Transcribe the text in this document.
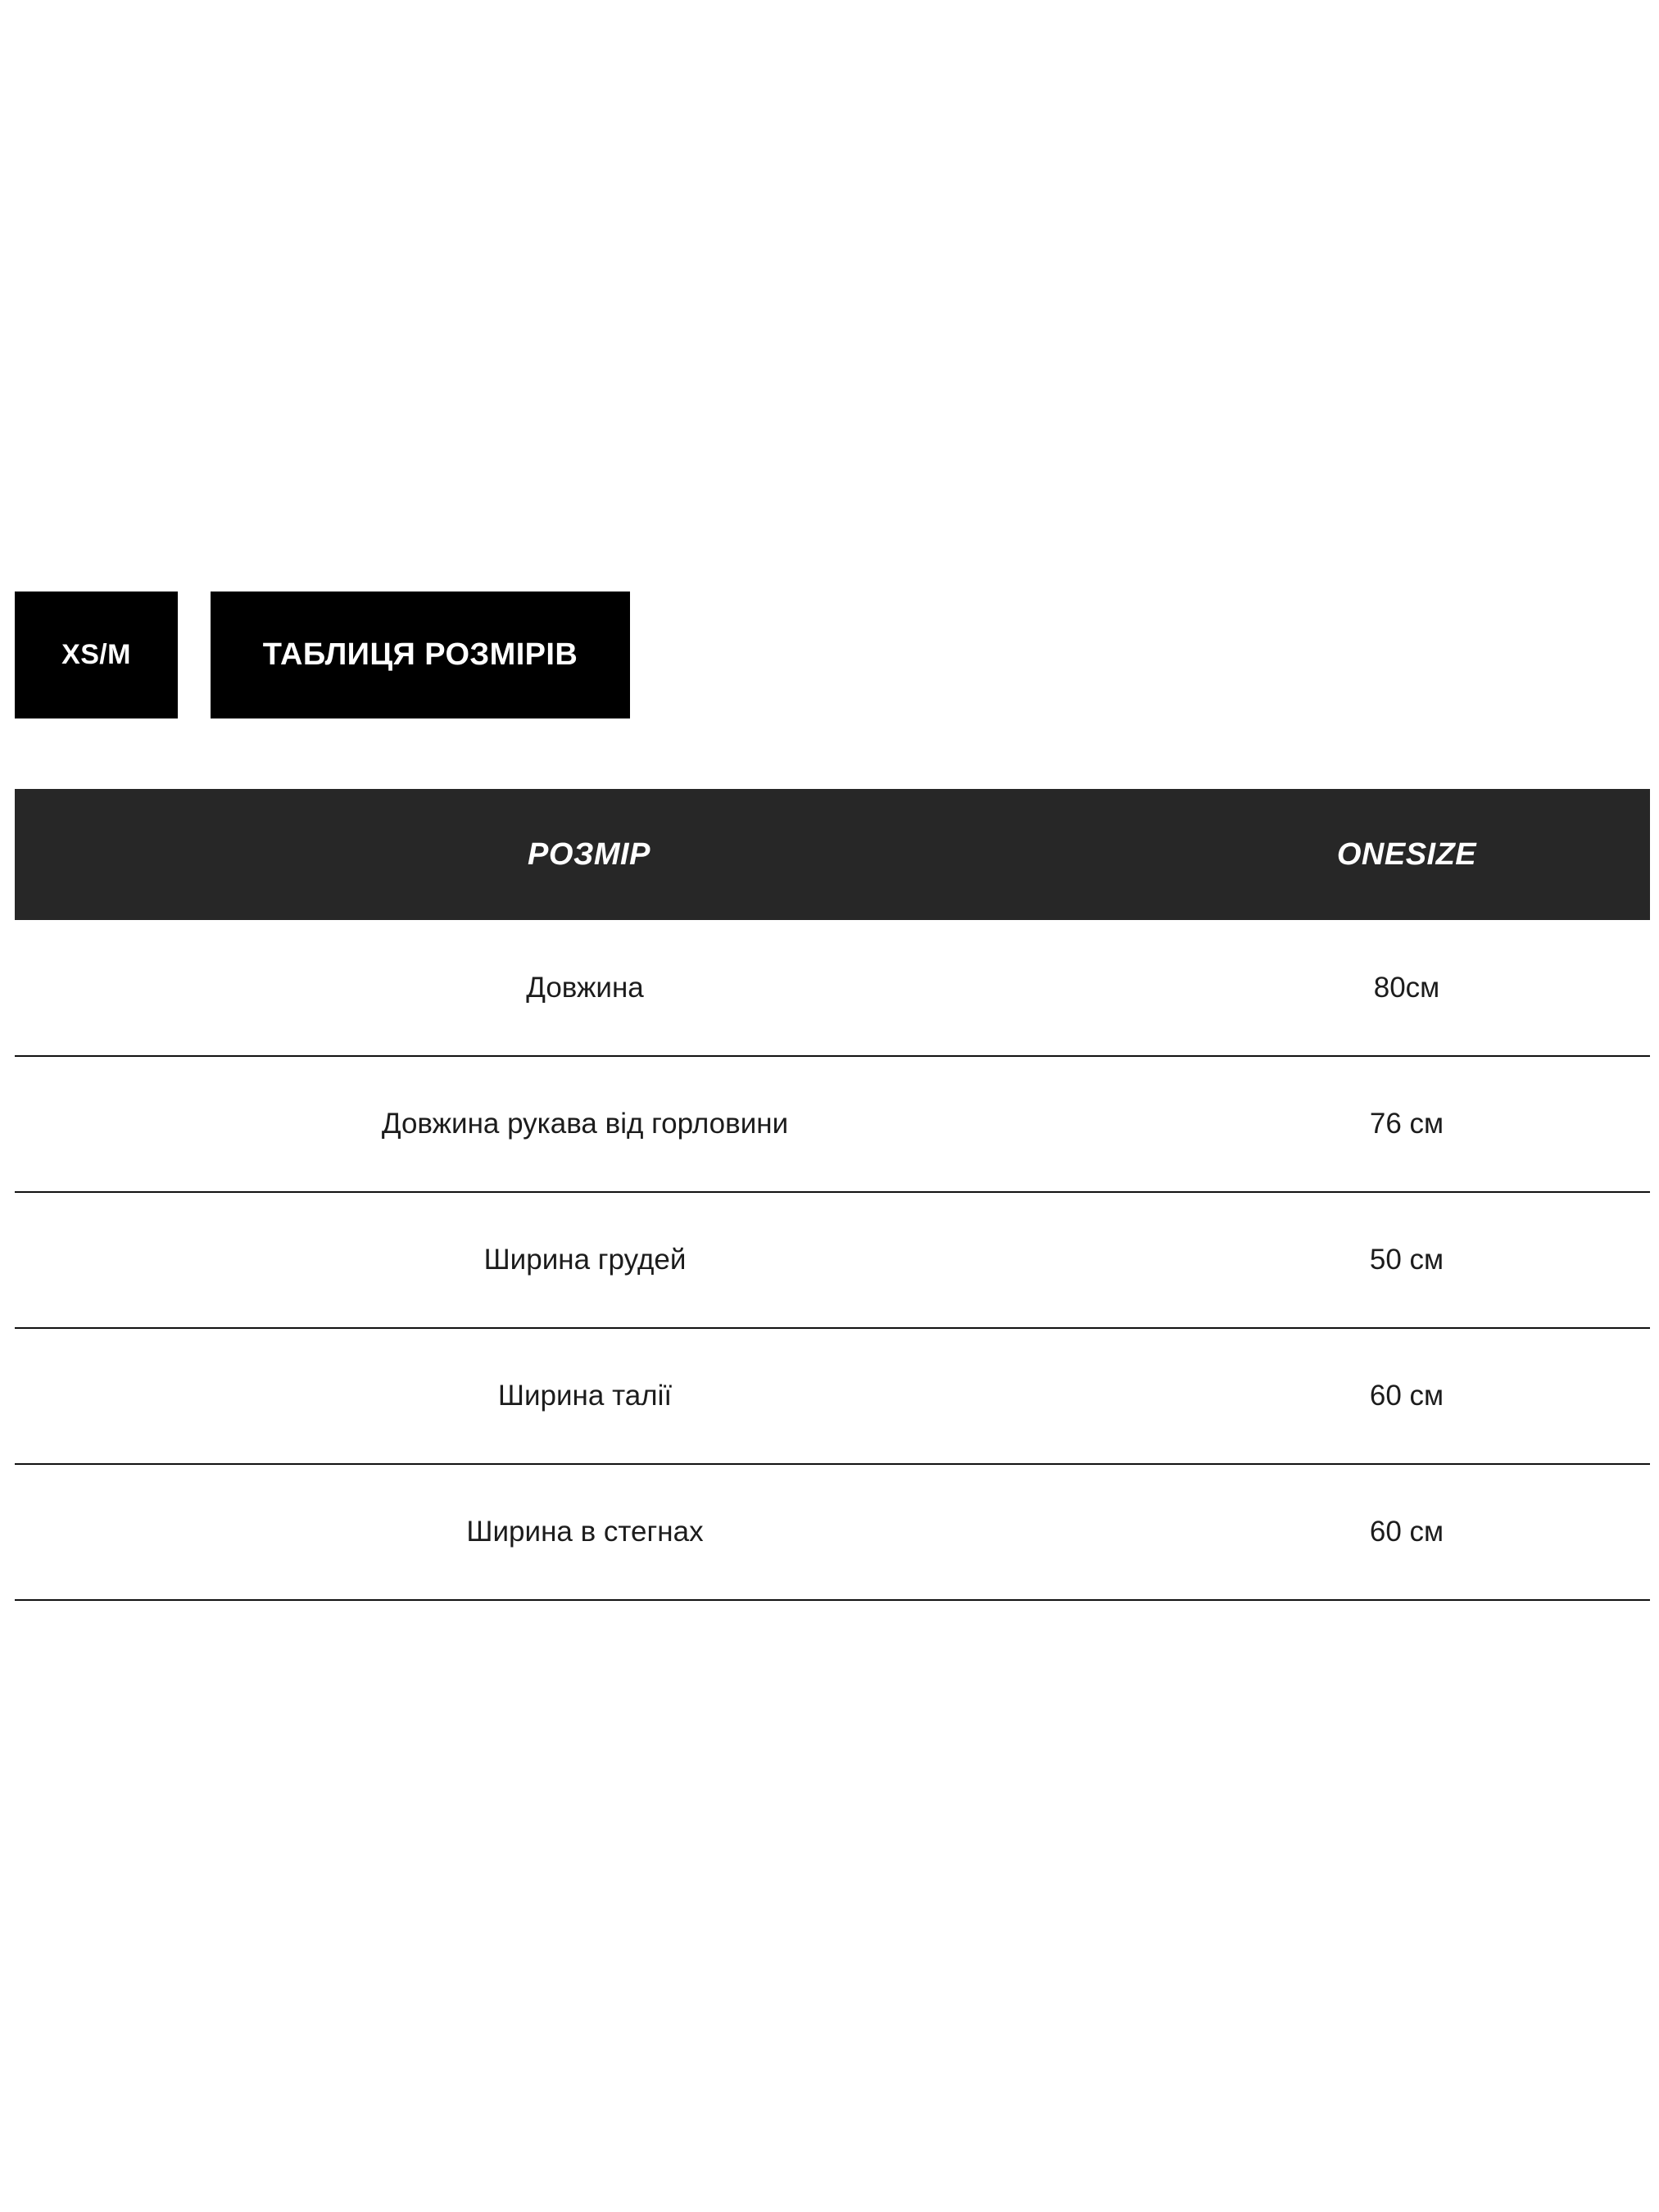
XS/M	ТАБЛИЦЯ РОЗМІРІВ
РОЗМІР	ONESIZE
Довжина	80см
Довжина рукава від горловини	76 см
Ширина грудей	50 см
Ширина талії	60 см
Ширина в стегнах	60 см
